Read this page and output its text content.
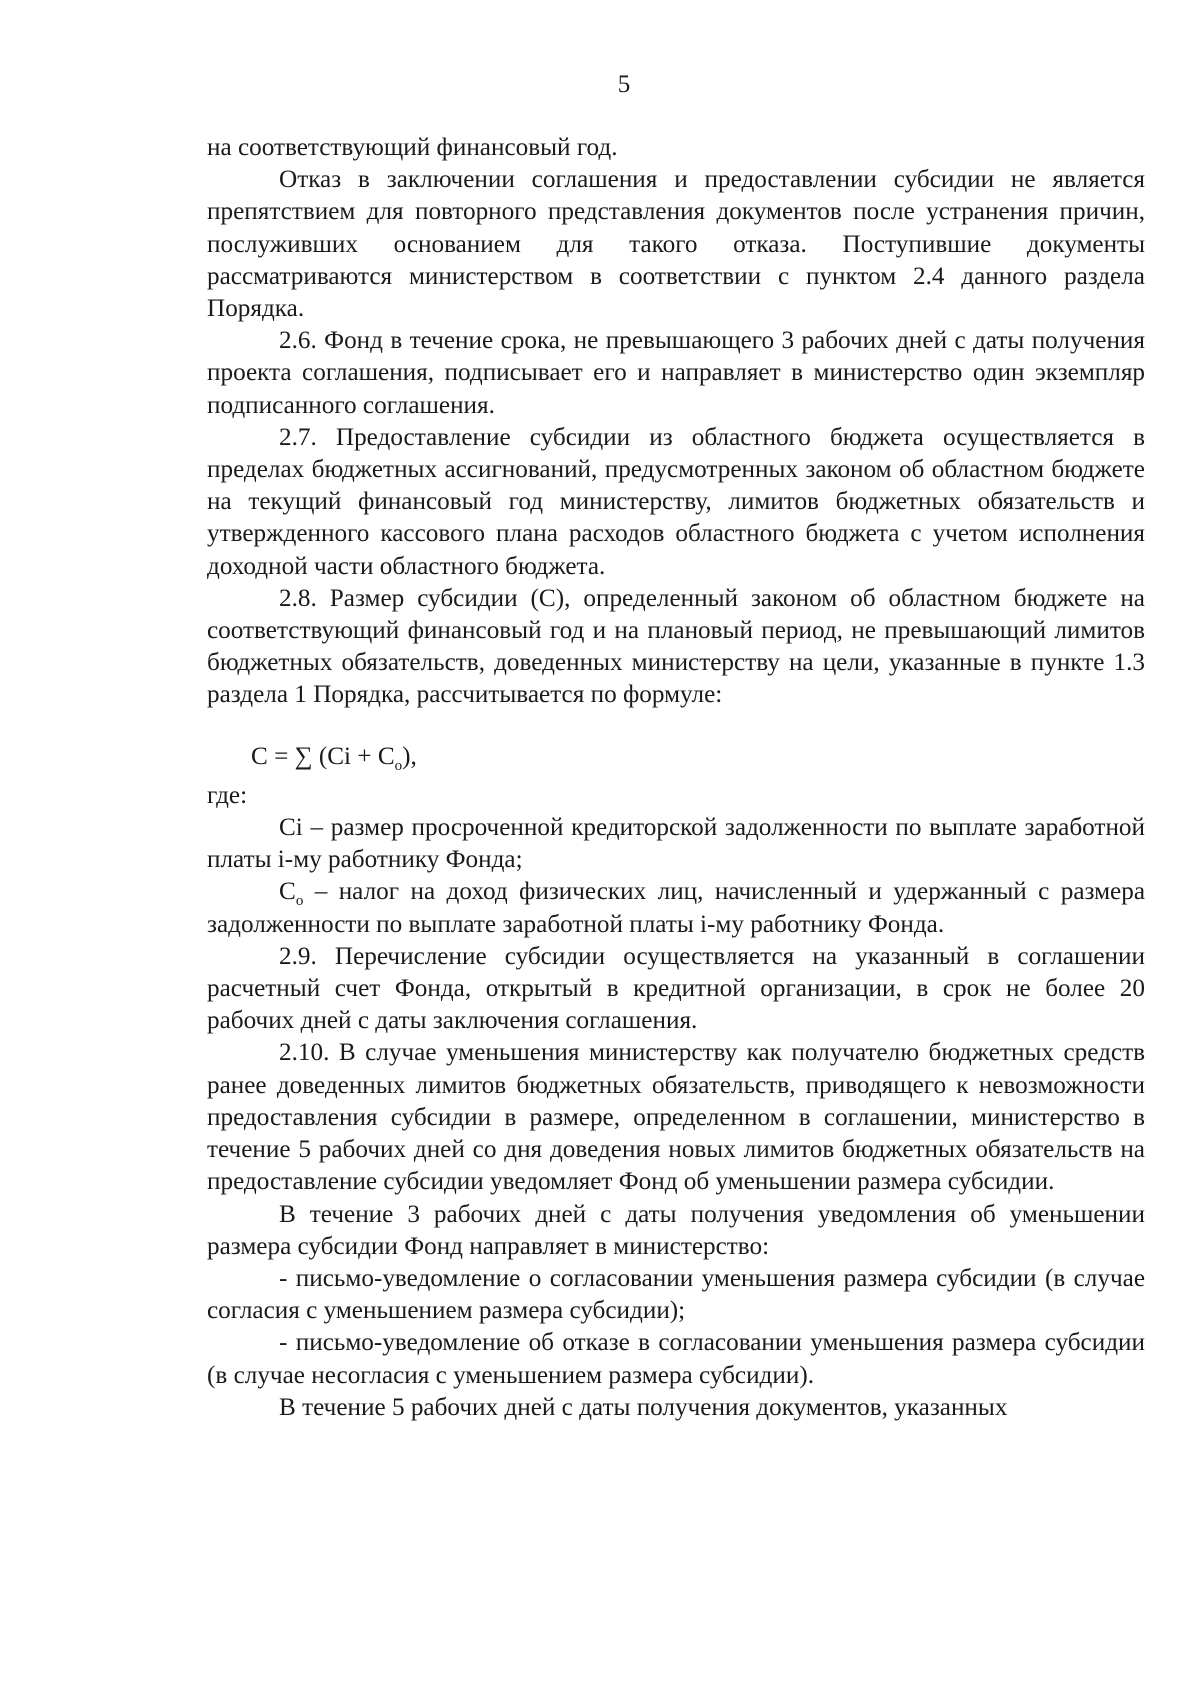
5

на соответствующий финансовый год.

Отказ в заключении соглашения и предоставлении субсидии не является препятствием для повторного представления документов после устранения причин, послуживших основанием для такого отказа. Поступившие документы рассматриваются министерством в соответствии с пунктом 2.4 данного раздела Порядка.

2.6. Фонд в течение срока, не превышающего 3 рабочих дней с даты получения проекта соглашения, подписывает его и направляет в министерство один экземпляр подписанного соглашения.

2.7. Предоставление субсидии из областного бюджета осуществляется в пределах бюджетных ассигнований, предусмотренных законом об областном бюджете на текущий финансовый год министерству, лимитов бюджетных обязательств и утвержденного кассового плана расходов областного бюджета с учетом исполнения доходной части областного бюджета.

2.8. Размер субсидии (С), определенный законом об областном бюджете на соответствующий финансовый год и на плановый период, не превышающий лимитов бюджетных обязательств, доведенных министерству на цели, указанные в пункте 1.3 раздела 1 Порядка, рассчитывается по формуле:

С = ∑ $(Сi + С_о)$,

где:

Сi – размер просроченной кредиторской задолженности по выплате заработной платы i-му работнику Фонда;

$С_о$ – налог на доход физических лиц, начисленный и удержанный с размера задолженности по выплате заработной платы i-му работнику Фонда.

2.9. Перечисление субсидии осуществляется на указанный в соглашении расчетный счет Фонда, открытый в кредитной организации, в срок не более 20 рабочих дней с даты заключения соглашения.

2.10. В случае уменьшения министерству как получателю бюджетных средств ранее доведенных лимитов бюджетных обязательств, приводящего к невозможности предоставления субсидии в размере, определенном в соглашении, министерство в течение 5 рабочих дней со дня доведения новых лимитов бюджетных обязательств на предоставление субсидии уведомляет Фонд об уменьшении размера субсидии.

В течение 3 рабочих дней с даты получения уведомления об уменьшении размера субсидии Фонд направляет в министерство:

- письмо-уведомление о согласовании уменьшения размера субсидии (в случае согласия с уменьшением размера субсидии);

- письмо-уведомление об отказе в согласовании уменьшения размера субсидии (в случае несогласия с уменьшением размера субсидии).

В течение 5 рабочих дней с даты получения документов, указанных
